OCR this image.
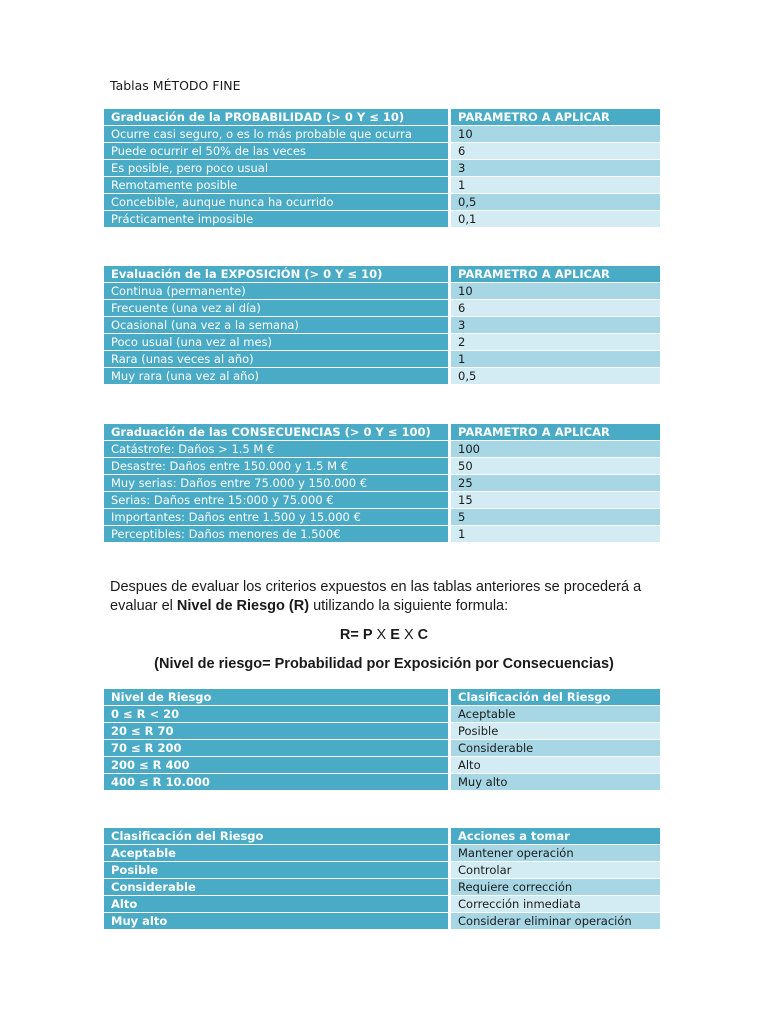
Tablas MÉTODO FINE
Graduación de la PROBABILIDAD (> 0 Y ≤ 10)		PARAMETRO A APLICAR
Ocurre casi seguro, o es lo más probable que ocurra		10
Puede ocurrir el 50% de las veces		6
Es posible, pero poco usual		3
Remotamente posible		1
Concebible, aunque nunca ha ocurrido		0,5
Prácticamente imposible		0,1
Evaluación de la EXPOSICIÓN (> 0 Y ≤ 10)		PARAMETRO A APLICAR
Continua (permanente)		10
Frecuente (una vez al día)		6
Ocasional (una vez a la semana)		3
Poco usual (una vez al mes)		2
Rara (unas veces al año)		1
Muy rara (una vez al año)		0,5
Graduación de las CONSECUENCIAS (> 0 Y ≤ 100)		PARAMETRO A APLICAR
Catástrofe: Daños > 1.5 M €		100
Desastre: Daños entre 150.000 y 1.5 M €		50
Muy serias: Daños entre 75.000 y 150.000 €		25
Serias: Daños entre 15:000 y 75.000 €		15
Importantes: Daños entre 1.500 y 15.000 €		5
Perceptibles: Daños menores de 1.500€		1
Despues de evaluar los criterios expuestos en las tablas anteriores se procederá a evaluar el Nivel de Riesgo (R) utilizando la siguiente formula:
R= P X E X C
(Nivel de riesgo= Probabilidad por Exposición por Consecuencias)
Nivel de Riesgo		Clasificación del Riesgo
0 ≤ R < 20		Aceptable
20 ≤ R 70		Posible
70 ≤ R 200		Considerable
200 ≤ R 400		Alto
400 ≤ R 10.000		Muy alto
Clasificación del Riesgo		Acciones a tomar
Aceptable		Mantener operación
Posible		Controlar
Considerable		Requiere corrección
Alto		Corrección inmediata
Muy alto		Considerar eliminar operación
